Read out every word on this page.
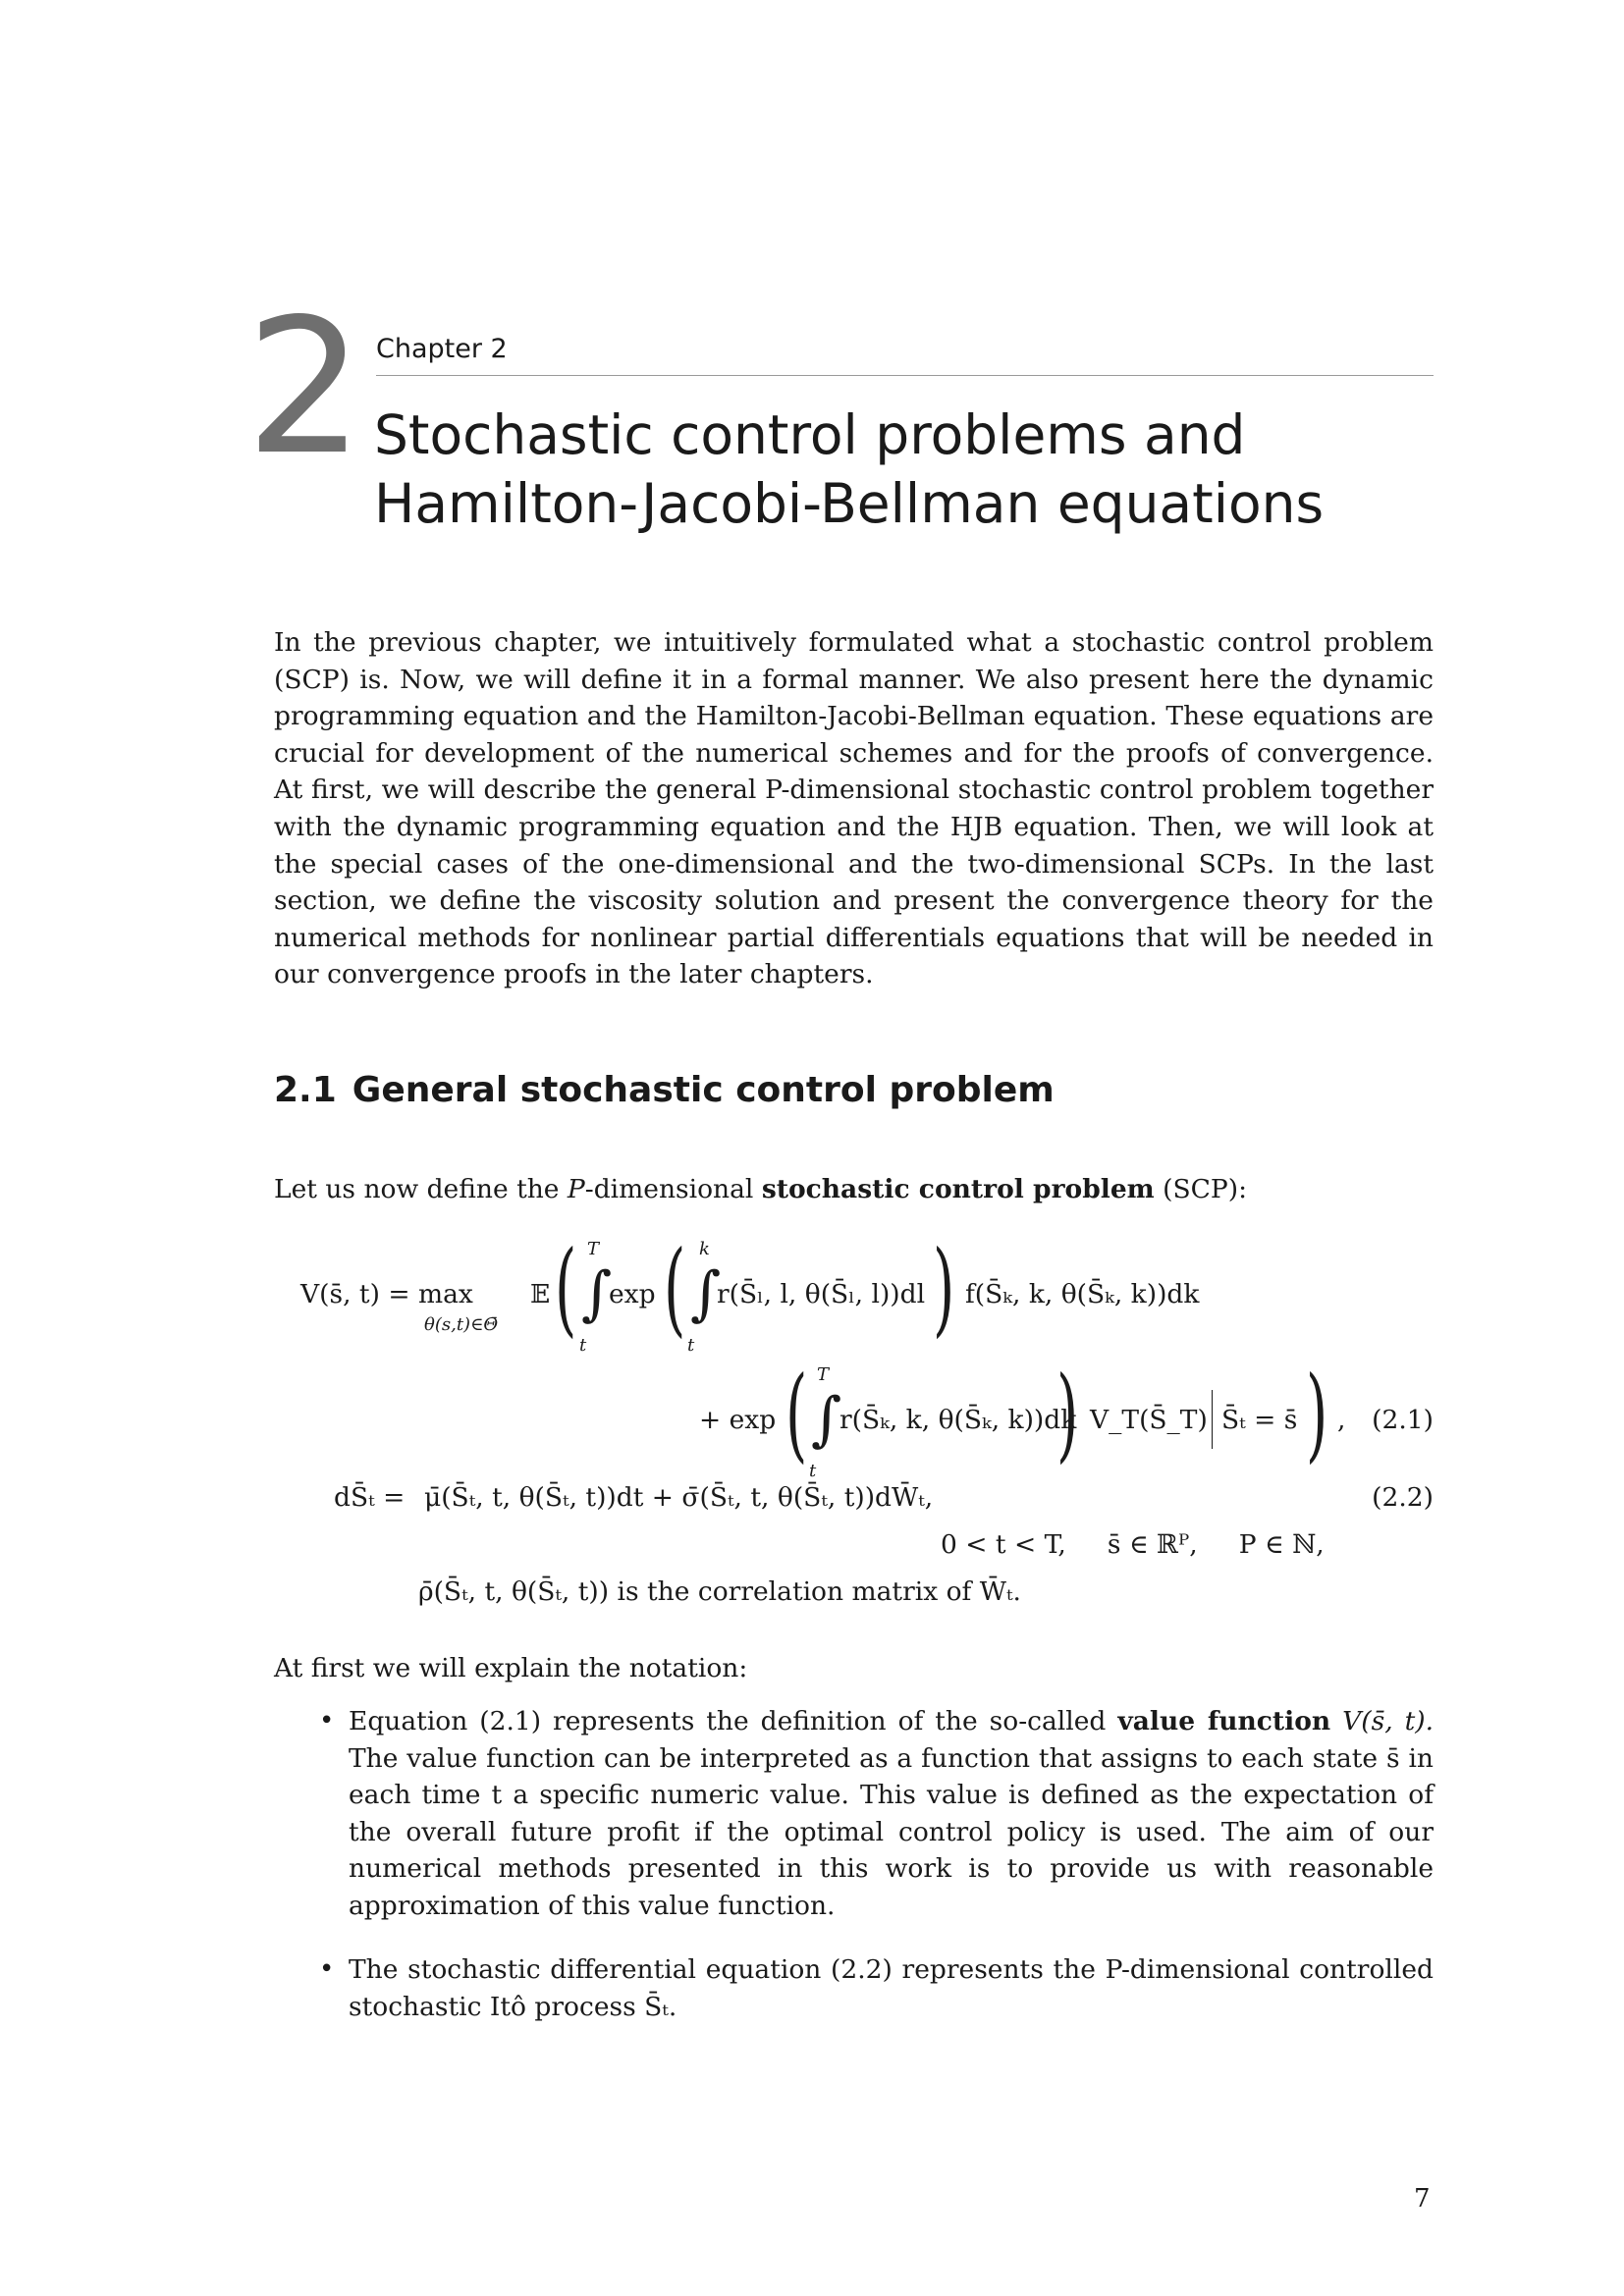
2 Chapter 2
Stochastic control problems and
Hamilton-Jacobi-Bellman equations
In the previous chapter, we intuitively formulated what a stochastic control problem (SCP) is. Now, we will define it in a formal manner. We also present here the dynamic programming equation and the Hamilton-Jacobi-Bellman equation. These equations are crucial for development of the numerical schemes and for the proofs of convergence. At first, we will describe the general P-dimensional stochastic control problem together with the dynamic programming equation and the HJB equation. Then, we will look at the special cases of the one-dimensional and the two-dimensional SCPs. In the last section, we define the viscosity solution and present the convergence theory for the numerical methods for nonlinear partial differentials equations that will be needed in our convergence proofs in the later chapters.
2.1 General stochastic control problem
Let us now define the P-dimensional stochastic control problem (SCP):
V(s̄, t) = max
θ(s,t)∈Θ̄
𝔼 ( T
∫
t
exp ( k
∫
t
r(S̄ₗ, l, θ(S̄ₗ, l))dl ) f(S̄ₖ, k, θ(S̄ₖ, k))dk
+ exp ( T
∫
t
r(S̄ₖ, k, θ(S̄ₖ, k))dk
) V_T(S̄_T) S̄ₜ = s̄ ) , (2.1)
dS̄ₜ = μ̄(S̄ₜ, t, θ(S̄ₜ, t))dt + σ̄(S̄ₜ, t, θ(S̄ₜ, t))dW̄ₜ,	(2.2)
0 < t < T,     s̄ ∈ ℝᴾ,     P ∈ ℕ,
ρ̄(S̄ₜ, t, θ(S̄ₜ, t)) is the correlation matrix of W̄ₜ.
At first we will explain the notation:
• Equation (2.1) represents the definition of the so-called value function V(s̄, t). The value function can be interpreted as a function that assigns to each state s̄ in each time t a specific numeric value. This value is defined as the expectation of the overall future profit if the optimal control policy is used. The aim of our numerical methods presented in this work is to provide us with reasonable approximation of this value function.
• The stochastic differential equation (2.2) represents the P-dimensional controlled stochastic Itô process S̄ₜ.
7
